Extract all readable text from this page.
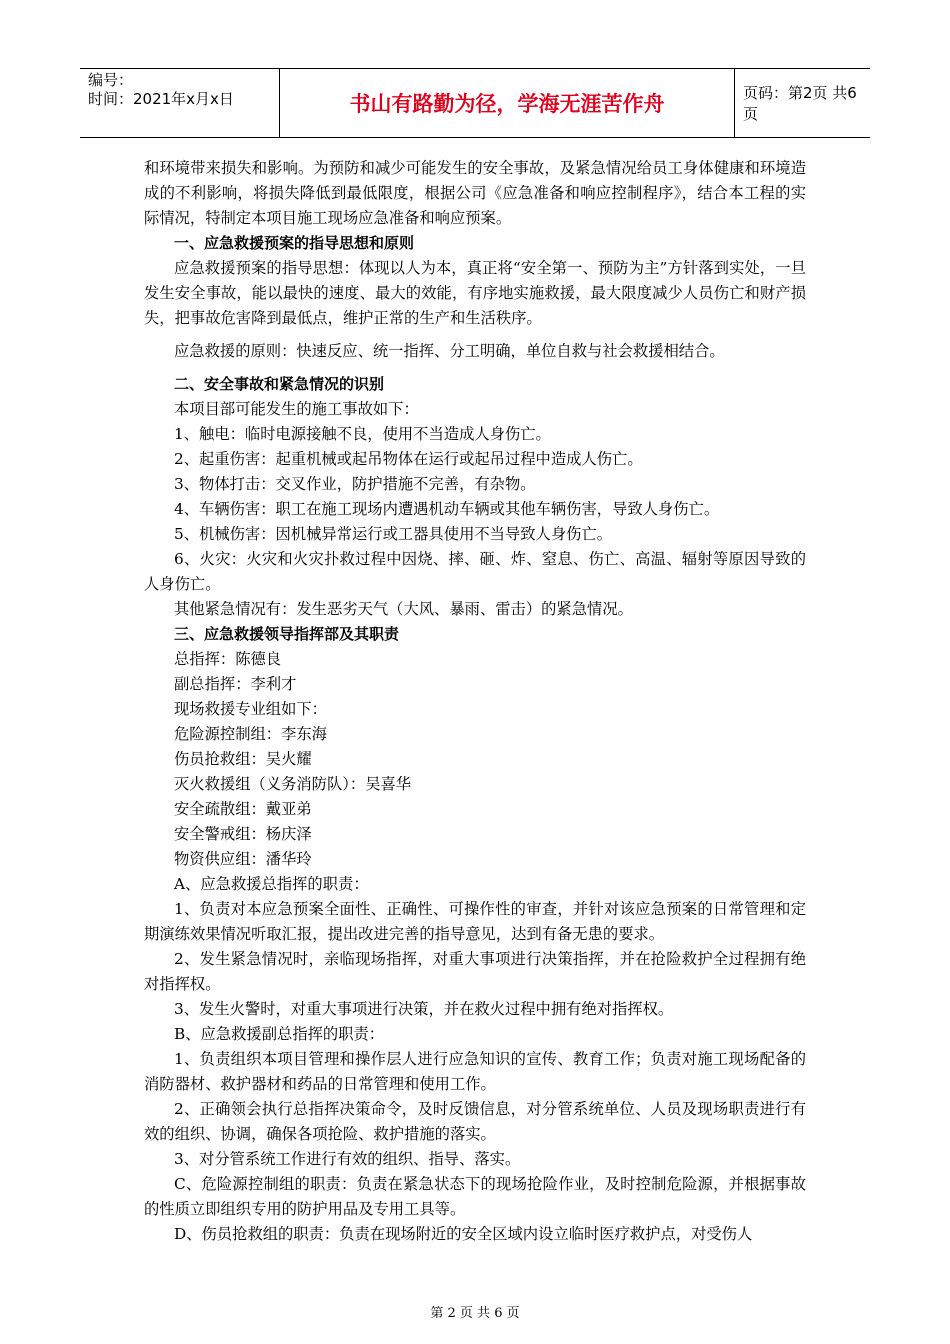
编号：
时间：2021年x月x日	书山有路勤为径，学海无涯苦作舟	页码：第2页 共6页

和环境带来损失和影响。为预防和减少可能发生的安全事故，及紧急情况给员工身体健康和环境造成的不利影响，将损失降低到最低限度，根据公司《应急准备和响应控制程序》，结合本工程的实际情况，特制定本项目施工现场应急准备和响应预案。

一、应急救援预案的指导思想和原则

应急救援预案的指导思想：体现以人为本，真正将“安全第一、预防为主”方针落到实处，一旦发生安全事故，能以最快的速度、最大的效能，有序地实施救援，最大限度减少人员伤亡和财产损失，把事故危害降到最低点，维护正常的生产和生活秩序。

应急救援的原则：快速反应、统一指挥、分工明确，单位自救与社会救援相结合。

二、安全事故和紧急情况的识别

本项目部可能发生的施工事故如下：

1、触电：临时电源接触不良，使用不当造成人身伤亡。

2、起重伤害：起重机械或起吊物体在运行或起吊过程中造成人伤亡。

3、物体打击：交叉作业，防护措施不完善，有杂物。

4、车辆伤害：职工在施工现场内遭遇机动车辆或其他车辆伤害，导致人身伤亡。

5、机械伤害：因机械异常运行或工器具使用不当导致人身伤亡。

6、火灾：火灾和火灾扑救过程中因烧、摔、砸、炸、窒息、伤亡、高温、辐射等原因导致的人身伤亡。

其他紧急情况有：发生恶劣天气（大风、暴雨、雷击）的紧急情况。

三、应急救援领导指挥部及其职责

总指挥：陈德良

副总指挥：李利才

现场救援专业组如下：

危险源控制组：李东海

伤员抢救组：吴火耀

灭火救援组（义务消防队）：吴喜华

安全疏散组：戴亚弟

安全警戒组：杨庆泽

物资供应组：潘华玲

A、应急救援总指挥的职责：

1、负责对本应急预案全面性、正确性、可操作性的审查，并针对该应急预案的日常管理和定期演练效果情况听取汇报，提出改进完善的指导意见，达到有备无患的要求。

2、发生紧急情况时，亲临现场指挥，对重大事项进行决策指挥，并在抢险救护全过程拥有绝对指挥权。

3、发生火警时，对重大事项进行决策，并在救火过程中拥有绝对指挥权。

B、应急救援副总指挥的职责：

1、负责组织本项目管理和操作层人进行应急知识的宣传、教育工作；负责对施工现场配备的消防器材、救护器材和药品的日常管理和使用工作。

2、正确领会执行总指挥决策命令，及时反馈信息，对分管系统单位、人员及现场职责进行有效的组织、协调，确保各项抢险、救护措施的落实。

3、对分管系统工作进行有效的组织、指导、落实。

C、危险源控制组的职责：负责在紧急状态下的现场抢险作业，及时控制危险源，并根据事故的性质立即组织专用的防护用品及专用工具等。

D、伤员抢救组的职责：负责在现场附近的安全区域内设立临时医疗救护点，对受伤人

第 2 页 共 6 页
